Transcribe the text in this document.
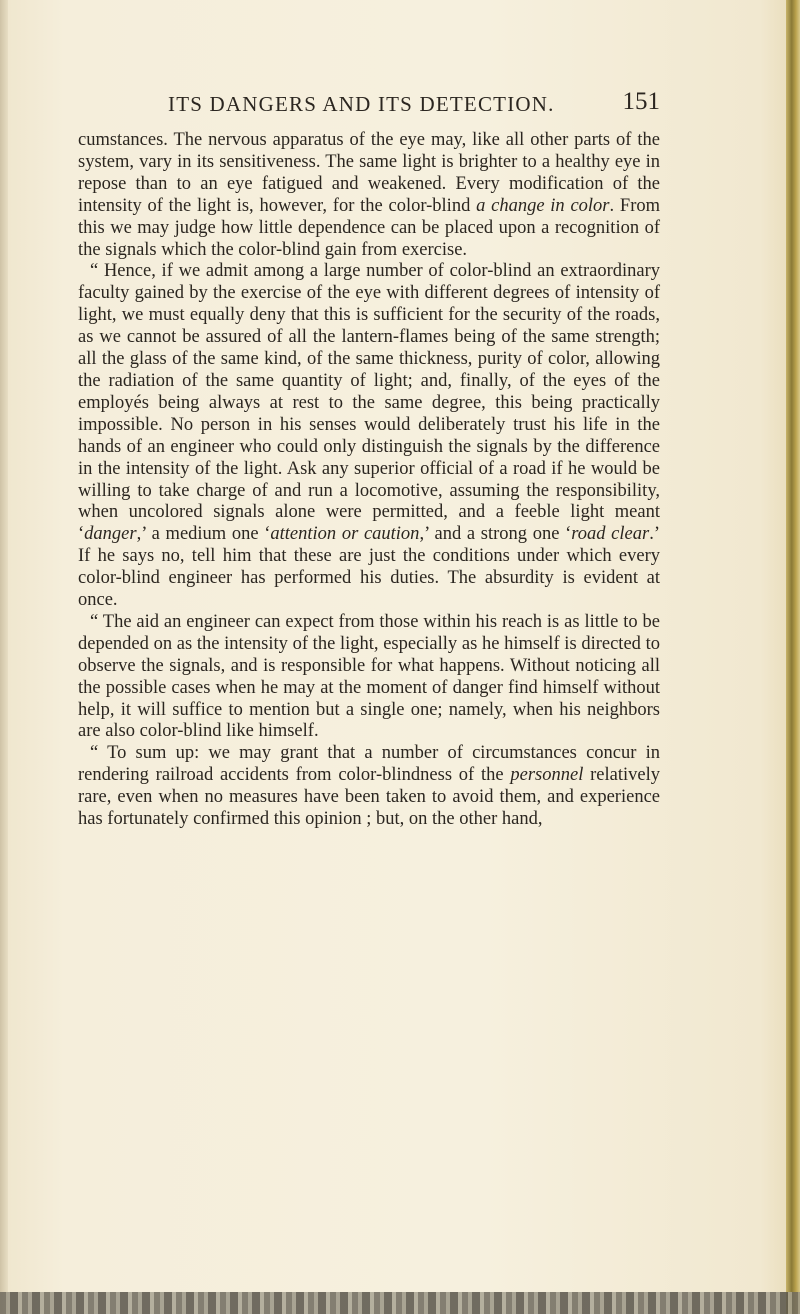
ITS DANGERS AND ITS DETECTION.	151

cumstances. The nervous apparatus of the eye may, like all other parts of the system, vary in its sensitiveness. The same light is brighter to a healthy eye in repose than to an eye fatigued and weakened. Every modification of the intensity of the light is, however, for the color-blind a change in color. From this we may judge how little dependence can be placed upon a recognition of the signals which the color-blind gain from exercise.

“ Hence, if we admit among a large number of color-blind an extraordinary faculty gained by the exercise of the eye with different degrees of intensity of light, we must equally deny that this is sufficient for the security of the roads, as we cannot be assured of all the lantern-flames being of the same strength; all the glass of the same kind, of the same thickness, purity of color, allowing the radiation of the same quantity of light; and, finally, of the eyes of the employés being always at rest to the same degree, this being practically impossible. No person in his senses would deliberately trust his life in the hands of an engineer who could only distinguish the signals by the difference in the intensity of the light. Ask any superior official of a road if he would be willing to take charge of and run a locomotive, assuming the responsibility, when uncolored signals alone were permitted, and a feeble light meant ‘danger,’ a medium one ‘attention or caution,’ and a strong one ‘road clear.’ If he says no, tell him that these are just the conditions under which every color-blind engineer has performed his duties. The absurdity is evident at once.

“ The aid an engineer can expect from those within his reach is as little to be depended on as the intensity of the light, especially as he himself is directed to observe the signals, and is responsible for what happens. Without noticing all the possible cases when he may at the moment of danger find himself without help, it will suffice to mention but a single one; namely, when his neighbors are also color-blind like himself.

“ To sum up: we may grant that a number of circumstances concur in rendering railroad accidents from color-blindness of the personnel relatively rare, even when no measures have been taken to avoid them, and experience has fortunately confirmed this opinion ; but, on the other hand,
